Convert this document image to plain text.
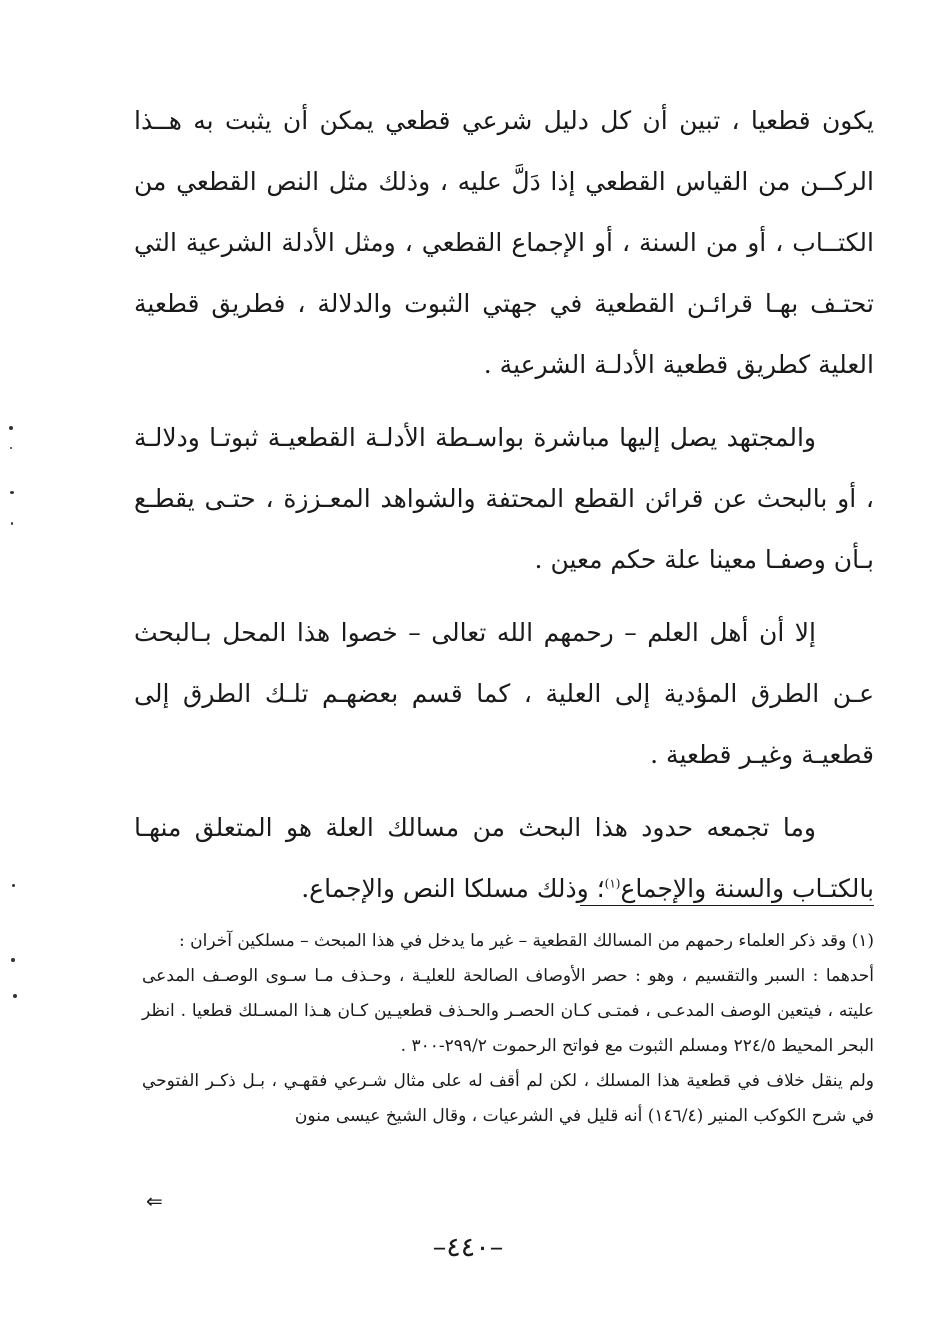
يكون قطعيا ، تبين أن كل دليل شرعي قطعي يمكن أن يثبت به هــذا الركــن من القياس القطعي إذا دَلَّ عليه ، وذلك مثل النص القطعي من الكتــاب ، أو من السنة ، أو الإجماع القطعي ، ومثل الأدلة الشرعية التي تحتـف بهـا قرائـن القطعية في جهتي الثبوت والدلالة ، فطريق قطعية العلية كطريق قطعية الأدلـة الشرعية .

والمجتهد يصل إليها مباشرة بواسـطة الأدلـة القطعيـة ثبوتـا ودلالـة ، أو بالبحث عن قرائن القطع المحتفة والشواهد المعـززة ، حتـى يقطـع بـأن وصفـا معينا علة حكم معين .

إلا أن أهل العلم – رحمهم الله تعالى – خصوا هذا المحل بـالبحث عـن الطرق المؤدية إلى العلية ، كما قسم بعضهـم تلـك الطرق إلى قطعيـة وغيـر قطعية .

وما تجمعه حدود هذا البحث من مسالك العلة هو المتعلق منهـا بالكتـاب والسنة والإجماع$^{(١)}$؛ وذلك مسلكا النص والإجماع.

(١) وقد ذكر العلماء رحمهم من المسالك القطعية – غير ما يدخل في هذا المبحث – مسلكين آخران :

أحدهما : السبر والتقسيم ، وهو : حصر الأوصاف الصالحة للعليـة ، وحـذف مـا سـوى الوصـف المدعى عليته ، فيتعين الوصف المدعـى ، فمتـى كـان الحصـر والحـذف قطعيـين كـان هـذا المسـلك قطعيا . انظر البحر المحيط ٢٢٤/٥ ومسلم الثبوت مع فواتح الرحموت ٢٩٩/٢-٣٠٠ .

ولم ينقل خلاف في قطعية هذا المسلك ، لكن لم أقف له على مثال شـرعي فقهـي ، بـل ذكـر الفتوحي في شرح الكوكب المنير (١٤٦/٤) أنه قليل في الشرعيات ، وقال الشيخ عيسى منون

⇐
–٤٤٠–
